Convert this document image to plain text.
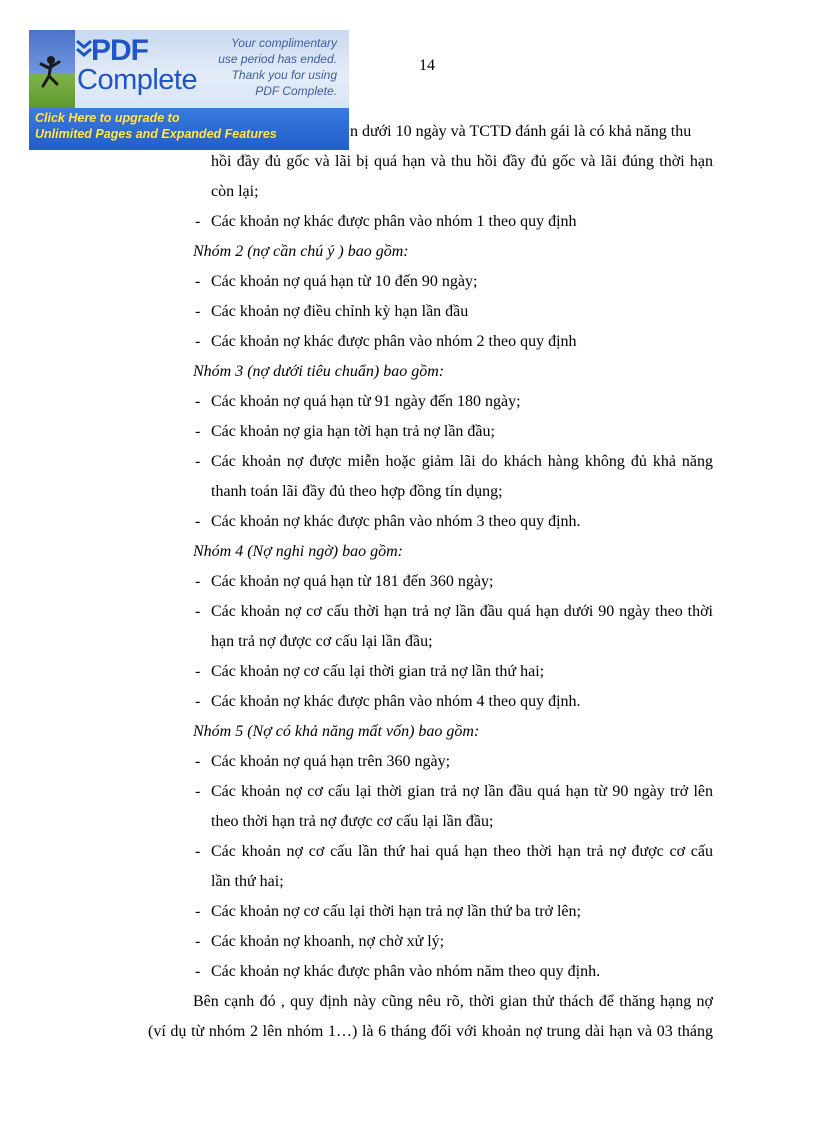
14
PDF
Complete
Your complimentary
use period has ended.
Thank you for using
PDF Complete.
Click Here to upgrade to
Unlimited Pages and Expanded Features	n dưới 10 ngày và TCTD đánh gái là có khả năng thu
hồi đầy đủ gốc và lãi bị quá hạn và thu hồi đầy đủ gốc và lãi đúng thời hạn
còn lại;
- Các khoản nợ khác được phân vào nhóm 1 theo quy định
Nhóm 2 (nợ cần chú ý ) bao gồm:
- Các khoản nợ quá hạn từ 10 đến 90 ngày;
- Các khoản nợ điều chỉnh kỳ hạn lần đầu
- Các khoản nợ khác được phân vào nhóm 2 theo quy định
Nhóm 3 (nợ dưới tiêu chuẩn) bao gồm:
- Các khoản nợ quá hạn từ 91 ngày đến 180 ngày;
- Các khoản nợ gia hạn tời hạn trả nợ lần đầu;
- Các khoản nợ được miễn hoặc giảm lãi do khách hàng không đủ khả năng
thanh toán lãi đầy đủ theo hợp đồng tín dụng;
- Các khoản nợ khác được phân vào nhóm 3 theo quy định.
Nhóm 4 (Nợ nghi ngờ) bao gồm:
- Các khoản nợ quá hạn từ 181 đến 360 ngày;
- Các khoản nợ cơ cấu thời hạn trả nợ lần đầu quá hạn dưới 90 ngày theo thời
hạn trả nợ được cơ cấu lại lần đầu;
- Các khoản nợ cơ cấu lại thời gian trả nợ lần thứ hai;
- Các khoản nợ khác được phân vào nhóm 4 theo quy định.
Nhóm 5 (Nợ có khả năng mất vốn) bao gồm:
- Các khoản nợ quá hạn trên 360 ngày;
- Các khoản nợ cơ cấu lại thời gian trả nợ lần đầu quá hạn từ 90 ngày trở lên
theo thời hạn trả nợ được cơ cấu lại lần đầu;
- Các khoản nợ cơ cấu lần thứ hai quá hạn theo thời hạn trả nợ được cơ cấu
lần thứ hai;
- Các khoản nợ cơ cấu lại thời hạn trả nợ lần thứ ba trở lên;
- Các khoản nợ khoanh, nợ chờ xử lý;
- Các khoản nợ khác được phân vào nhóm năm theo quy định.
Bên cạnh đó , quy định này cũng nêu rõ, thời gian thử thách để thăng hạng nợ
(ví dụ từ nhóm 2 lên nhóm 1…) là 6 tháng đối với khoản nợ trung dài hạn và 03 tháng
